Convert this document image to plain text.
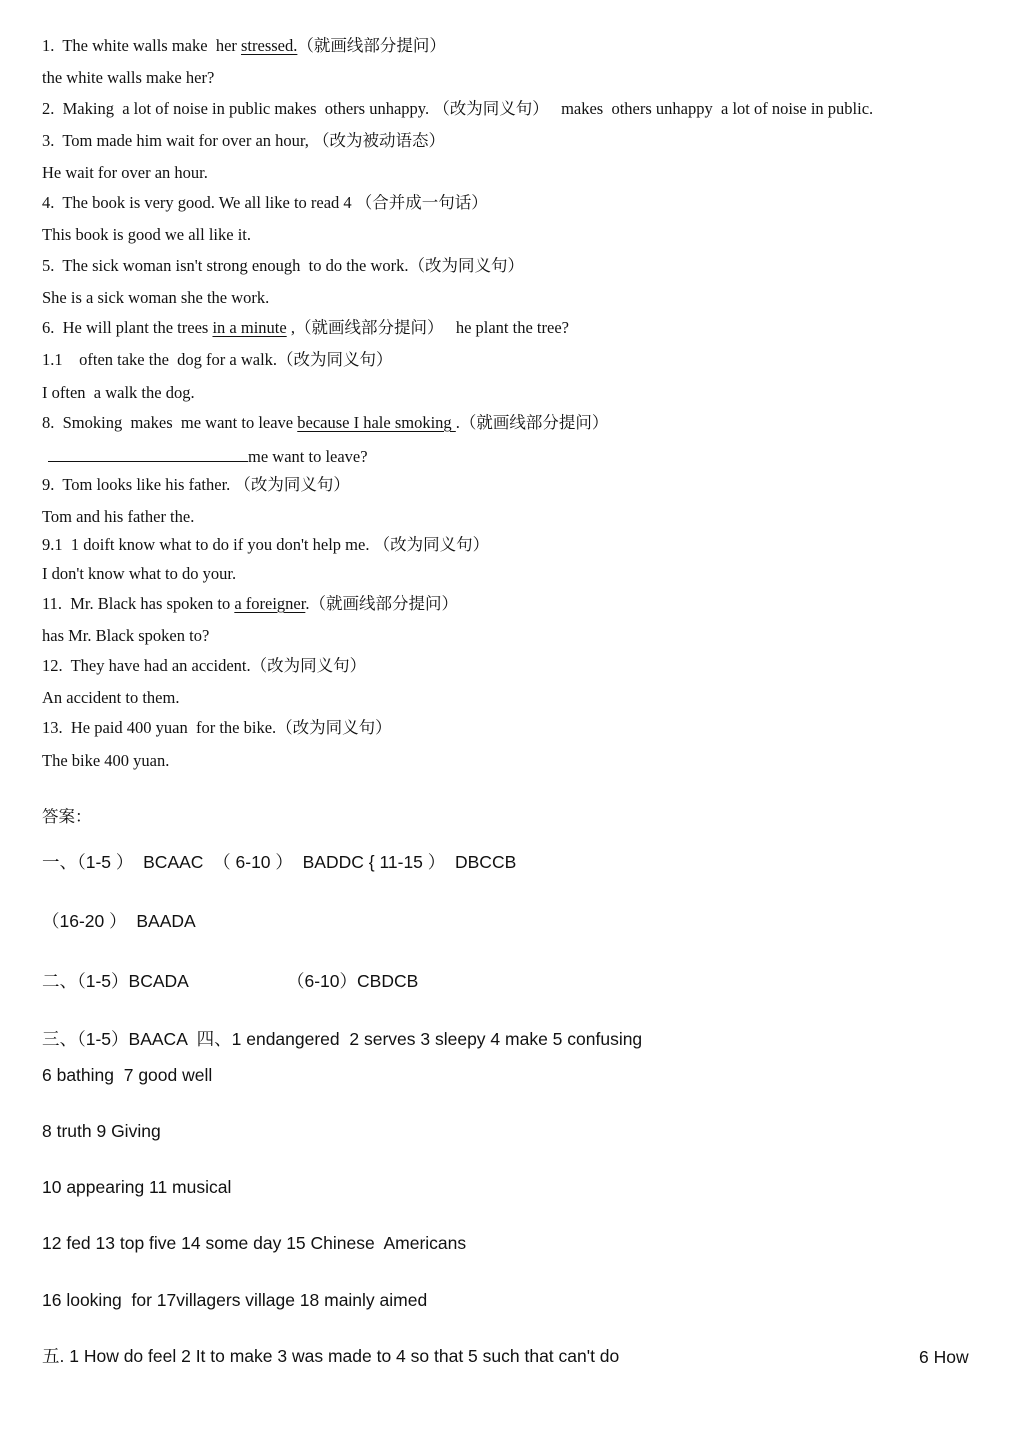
1.  The white walls make  her stressed.（就画线部分提问）
the white walls make her?
2.  Making  a lot of noise in public makes  others unhappy. （改为同义句）   makes  others unhappy  a lot of noise in public.
3.  Tom made him wait for over an hour, （改为被动语态）
He wait for over an hour.
4.  The book is very good. We all like to read 4 （合并成一句话）
This book is good we all like it.
5.  The sick woman isn't strong enough  to do the work.（改为同义句）
She is a sick woman she the work.
6.  He will plant the trees in a minute ,（就画线部分提问）   he plant the tree?
1.1    often take the  dog for a walk.（改为同义句）
I often  a walk the dog.
8.  Smoking  makes  me want to leave because I hale smoking .（就画线部分提问）
me want to leave?
9.  Tom looks like his father. （改为同义句）
Tom and his father the.
9.1  1 doift know what to do if you don't help me. （改为同义句）
I don't know what to do your.
11.  Mr. Black has spoken to a foreigner.（就画线部分提问）
has Mr. Black spoken to?
12.  They have had an accident.（改为同义句）
An accident to them.
13.  He paid 400 yuan  for the bike.（改为同义句）
The bike 400 yuan.
答案：
一、（1-5 ）  BCAAC  （ 6-10 ）  BADDC { 11-15 ）  DBCCB
（16-20 ）  BAADA
二、（1-5）BCADA	（6-10）CBDCB
三、（1-5）BAACA  四、1 endangered  2 serves 3 sleepy 4 make 5 confusing
6 bathing  7 good well
8 truth 9 Giving
10 appearing 11 musical
12 fed 13 top five 14 some day 15 Chinese  Americans
16 looking  for 17villagers village 18 mainly aimed
五. 1 How do feel 2 It to make 3 was made to 4 so that 5 such that can't do	6 How
